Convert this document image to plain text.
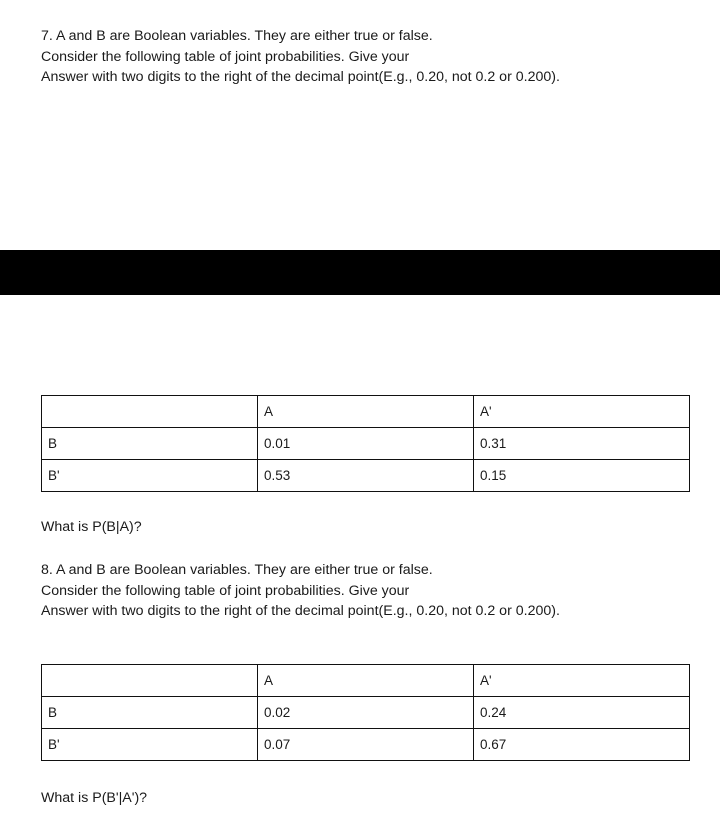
7. A and B are Boolean variables. They are either true or false.
Consider the following table of joint probabilities. Give your
Answer with two digits to the right of the decimal point(E.g., 0.20, not 0.2 or 0.200).
	A	A'
B	0.01	0.31
B'	0.53	0.15
What is P(B|A)?
8. A and B are Boolean variables. They are either true or false.
Consider the following table of joint probabilities. Give your
Answer with two digits to the right of the decimal point(E.g., 0.20, not 0.2 or 0.200).
	A	A'
B	0.02	0.24
B'	0.07	0.67
What is P(B'|A')?
